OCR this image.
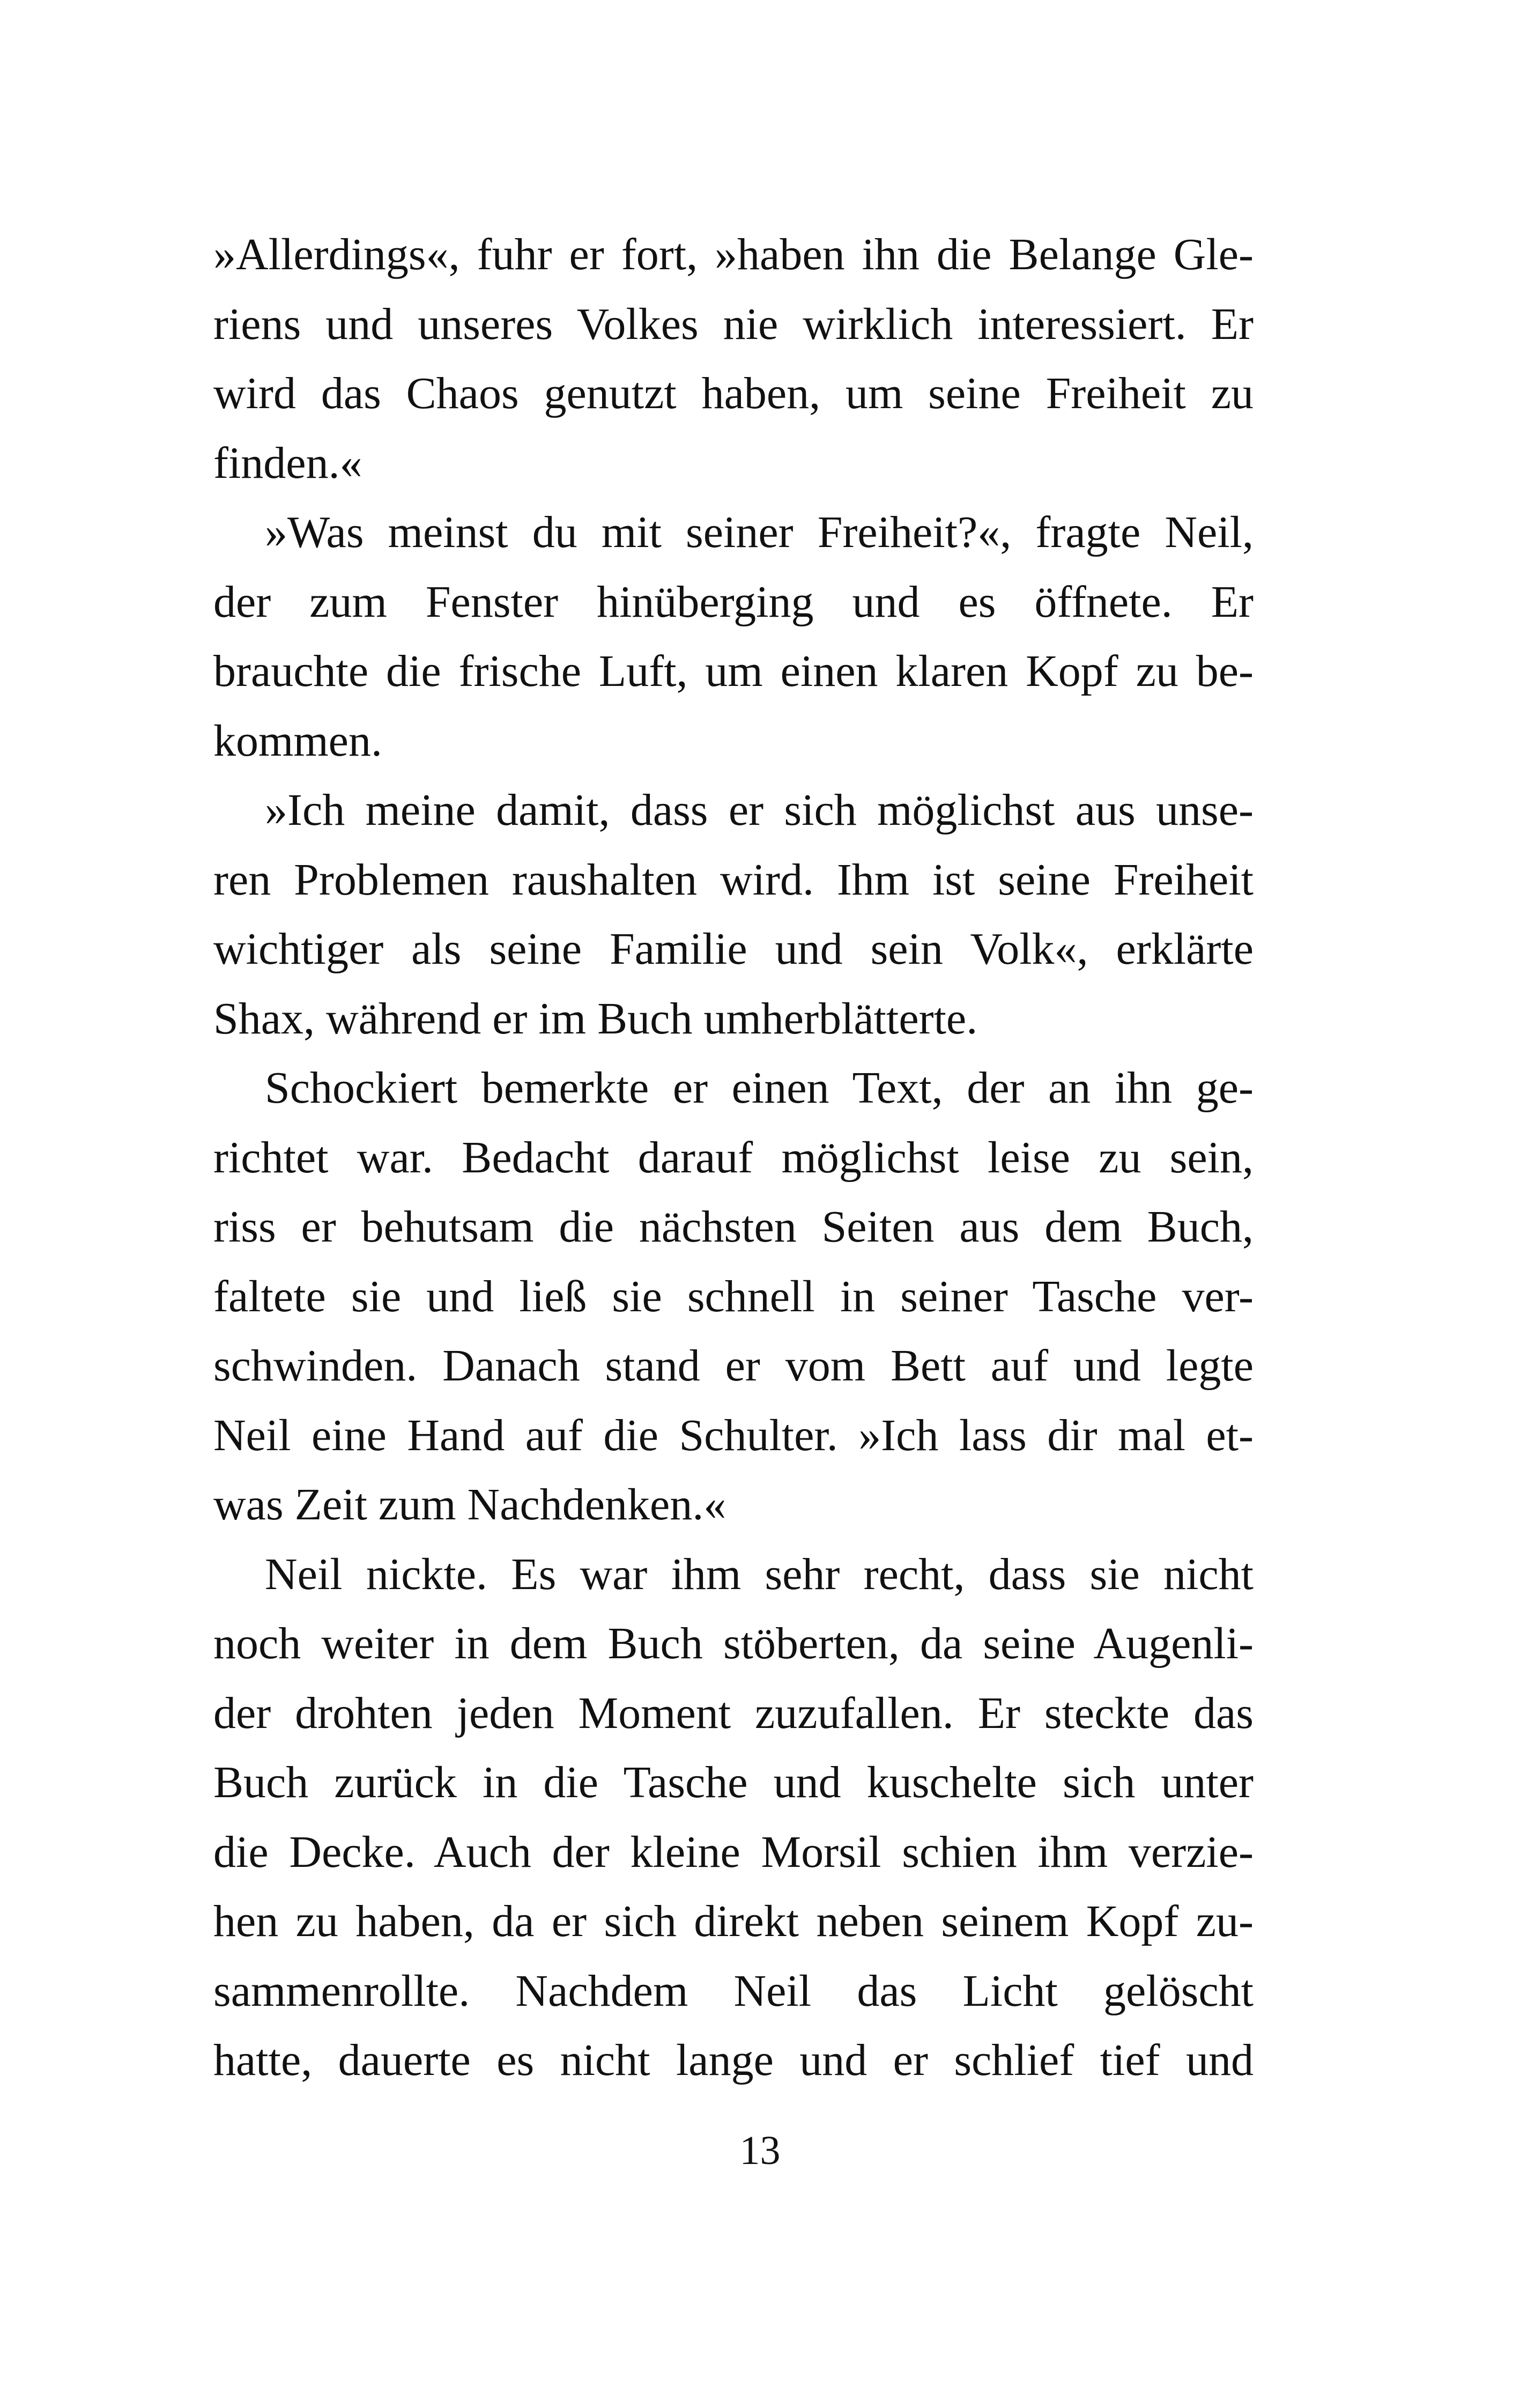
»Allerdings«, fuhr er fort, »haben ihn die Belange Gle-
riens und unseres Volkes nie wirklich interessiert. Er
wird das Chaos genutzt haben, um seine Freiheit zu
finden.«
»Was meinst du mit seiner Freiheit?«, fragte Neil,
der zum Fenster hinüberging und es öffnete. Er
brauchte die frische Luft, um einen klaren Kopf zu be-
kommen.
»Ich meine damit, dass er sich möglichst aus unse-
ren Problemen raushalten wird. Ihm ist seine Freiheit
wichtiger als seine Familie und sein Volk«, erklärte
Shax, während er im Buch umherblätterte.
Schockiert bemerkte er einen Text, der an ihn ge-
richtet war. Bedacht darauf möglichst leise zu sein,
riss er behutsam die nächsten Seiten aus dem Buch,
faltete sie und ließ sie schnell in seiner Tasche ver-
schwinden. Danach stand er vom Bett auf und legte
Neil eine Hand auf die Schulter. »Ich lass dir mal et-
was Zeit zum Nachdenken.«
Neil nickte. Es war ihm sehr recht, dass sie nicht
noch weiter in dem Buch stöberten, da seine Augenli-
der drohten jeden Moment zuzufallen. Er steckte das
Buch zurück in die Tasche und kuschelte sich unter
die Decke. Auch der kleine Morsil schien ihm verzie-
hen zu haben, da er sich direkt neben seinem Kopf zu-
sammenrollte. Nachdem Neil das Licht gelöscht
hatte, dauerte es nicht lange und er schlief tief und
13
